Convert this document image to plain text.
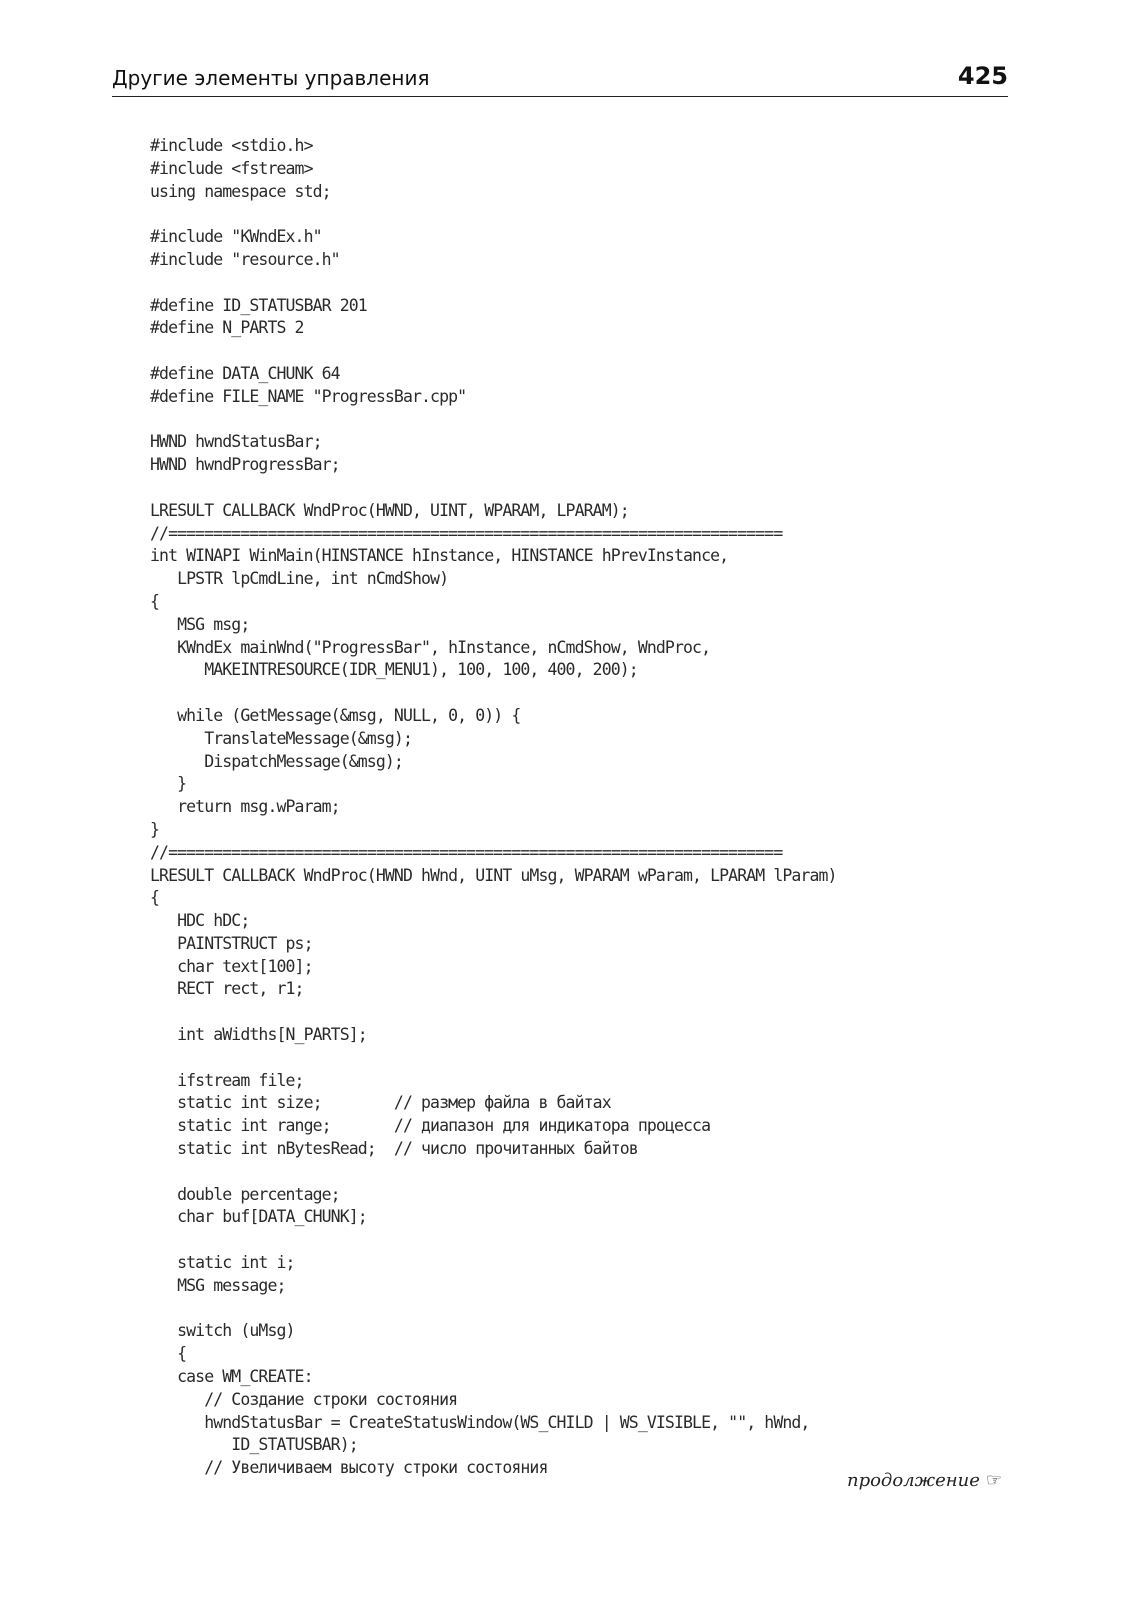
Другие элементы управления	425
#include <stdio.h>
#include <fstream>
using namespace std;
#include "KWndEx.h"
#include "resource.h"
#define ID_STATUSBAR 201
#define N_PARTS 2
#define DATA_CHUNK 64
#define FILE_NAME "ProgressBar.cpp"
HWND hwndStatusBar;
HWND hwndProgressBar;
LRESULT CALLBACK WndProc(HWND, UINT, WPARAM, LPARAM);
//====================================================================
int WINAPI WinMain(HINSTANCE hInstance, HINSTANCE hPrevInstance,
LPSTR lpCmdLine, int nCmdShow)
{
MSG msg;
KWndEx mainWnd("ProgressBar", hInstance, nCmdShow, WndProc,
MAKEINTRESOURCE(IDR_MENU1), 100, 100, 400, 200);
while (GetMessage(&msg, NULL, 0, 0)) {
TranslateMessage(&msg);
DispatchMessage(&msg);
}
return msg.wParam;
}
//====================================================================
LRESULT CALLBACK WndProc(HWND hWnd, UINT uMsg, WPARAM wParam, LPARAM lParam)
{
HDC hDC;
PAINTSTRUCT ps;
char text[100];
RECT rect, r1;
int aWidths[N_PARTS];
ifstream file;
static int size;        // размер файла в байтах
static int range;       // диапазон для индикатора процесса
static int nBytesRead;  // число прочитанных байтов
double percentage;
char buf[DATA_CHUNK];
static int i;
MSG message;
switch (uMsg)
{
case WM_CREATE:
// Создание строки состояния
hwndStatusBar = CreateStatusWindow(WS_CHILD | WS_VISIBLE, "", hWnd,
ID_STATUSBAR);
// Увеличиваем высоту строки состояния
продолжение ☞
